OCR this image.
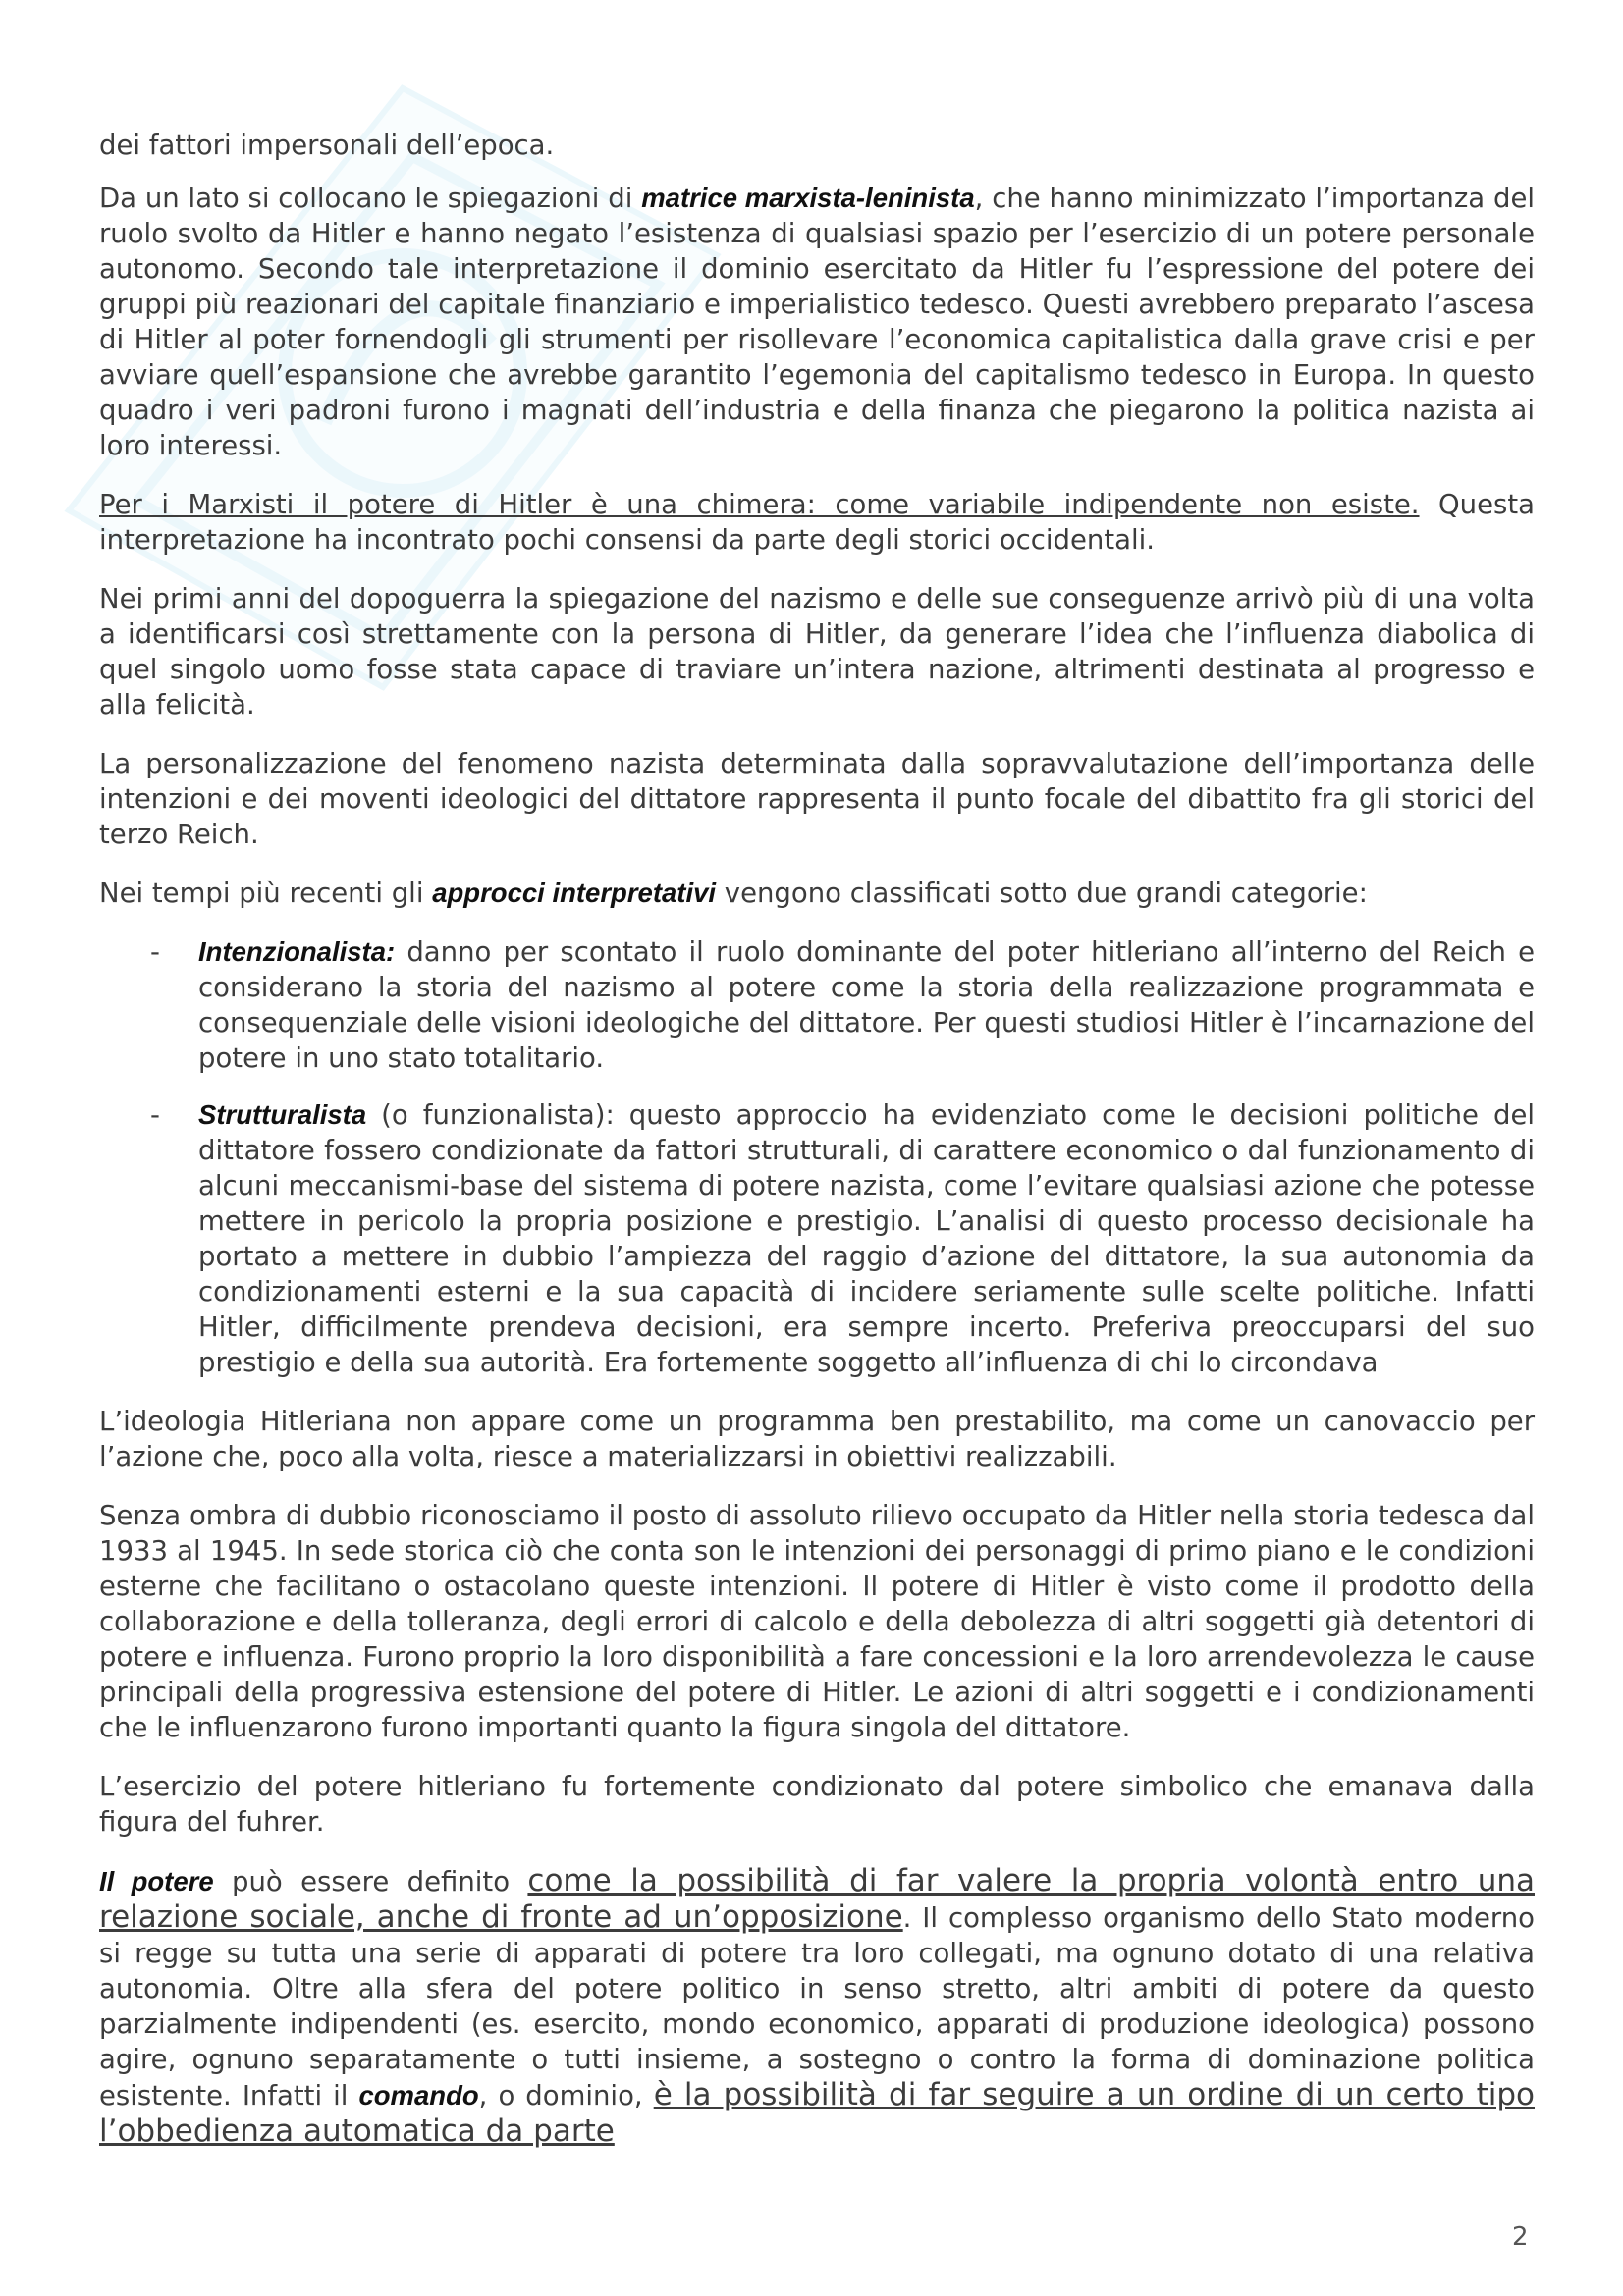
dei fattori impersonali dell’epoca.

Da un lato si collocano le spiegazioni di matrice marxista-leninista, che hanno minimizzato l’importanza del ruolo svolto da Hitler e hanno negato l’esistenza di qualsiasi spazio per l’esercizio di un potere personale autonomo. Secondo tale interpretazione il dominio esercitato da Hitler fu l’espressione del potere dei gruppi più reazionari del capitale finanziario e imperialistico tedesco. Questi avrebbero preparato l’ascesa di Hitler al poter fornendogli gli strumenti per risollevare l’economica capitalistica dalla grave crisi e per avviare quell’espansione che avrebbe garantito l’egemonia del capitalismo tedesco in Europa. In questo quadro i veri padroni furono i magnati dell’industria e della finanza che piegarono la politica nazista ai loro interessi.

Per i Marxisti il potere di Hitler è una chimera: come variabile indipendente non esiste. Questa interpretazione ha incontrato pochi consensi da parte degli storici occidentali.

Nei primi anni del dopoguerra la spiegazione del nazismo e delle sue conseguenze arrivò più di una volta a identificarsi così strettamente con la persona di Hitler, da generare l’idea che l’influenza diabolica di quel singolo uomo fosse stata capace di traviare un’intera nazione, altrimenti destinata al progresso e alla felicità.

La personalizzazione del fenomeno nazista determinata dalla sopravvalutazione dell’importanza delle intenzioni e dei moventi ideologici del dittatore rappresenta il punto focale del dibattito fra gli storici del terzo Reich.

Nei tempi più recenti gli approcci interpretativi vengono classificati sotto due grandi categorie:

- Intenzionalista: danno per scontato il ruolo dominante del poter hitleriano all’interno del Reich e considerano la storia del nazismo al potere come la storia della realizzazione programmata e consequenziale delle visioni ideologiche del dittatore. Per questi studiosi Hitler è l’incarnazione del potere in uno stato totalitario.
- Strutturalista (o funzionalista): questo approccio ha evidenziato come le decisioni politiche del dittatore fossero condizionate da fattori strutturali, di carattere economico o dal funzionamento di alcuni meccanismi-base del sistema di potere nazista, come l’evitare qualsiasi azione che potesse mettere in pericolo la propria posizione e prestigio. L’analisi di questo processo decisionale ha portato a mettere in dubbio l’ampiezza del raggio d’azione del dittatore, la sua autonomia da condizionamenti esterni e la sua capacità di incidere seriamente sulle scelte politiche. Infatti Hitler, difficilmente prendeva decisioni, era sempre incerto. Preferiva preoccuparsi del suo prestigio e della sua autorità. Era fortemente soggetto all’influenza di chi lo circondava

L’ideologia Hitleriana non appare come un programma ben prestabilito, ma come un canovaccio per l’azione che, poco alla volta, riesce a materializzarsi in obiettivi realizzabili.

Senza ombra di dubbio riconosciamo il posto di assoluto rilievo occupato da Hitler nella storia tedesca dal 1933 al 1945. In sede storica ciò che conta son le intenzioni dei personaggi di primo piano e le condizioni esterne che facilitano o ostacolano queste intenzioni. Il potere di Hitler è visto come il prodotto della collaborazione e della tolleranza, degli errori di calcolo e della debolezza di altri soggetti già detentori di potere e influenza. Furono proprio la loro disponibilità a fare concessioni e la loro arrendevolezza le cause principali della progressiva estensione del potere di Hitler. Le azioni di altri soggetti e i condizionamenti che le influenzarono furono importanti quanto la figura singola del dittatore.

L’esercizio del potere hitleriano fu fortemente condizionato dal potere simbolico che emanava dalla figura del fuhrer.

Il potere può essere definito come la possibilità di far valere la propria volontà entro una relazione sociale, anche di fronte ad un’opposizione. Il complesso organismo dello Stato moderno si regge su tutta una serie di apparati di potere tra loro collegati, ma ognuno dotato di una relativa autonomia. Oltre alla sfera del potere politico in senso stretto, altri ambiti di potere da questo parzialmente indipendenti (es. esercito, mondo economico, apparati di produzione ideologica) possono agire, ognuno separatamente o tutti insieme, a sostegno o contro la forma di dominazione politica esistente. Infatti il comando, o dominio, è la possibilità di far seguire a un ordine di un certo tipo l’obbedienza automatica da parte

2
